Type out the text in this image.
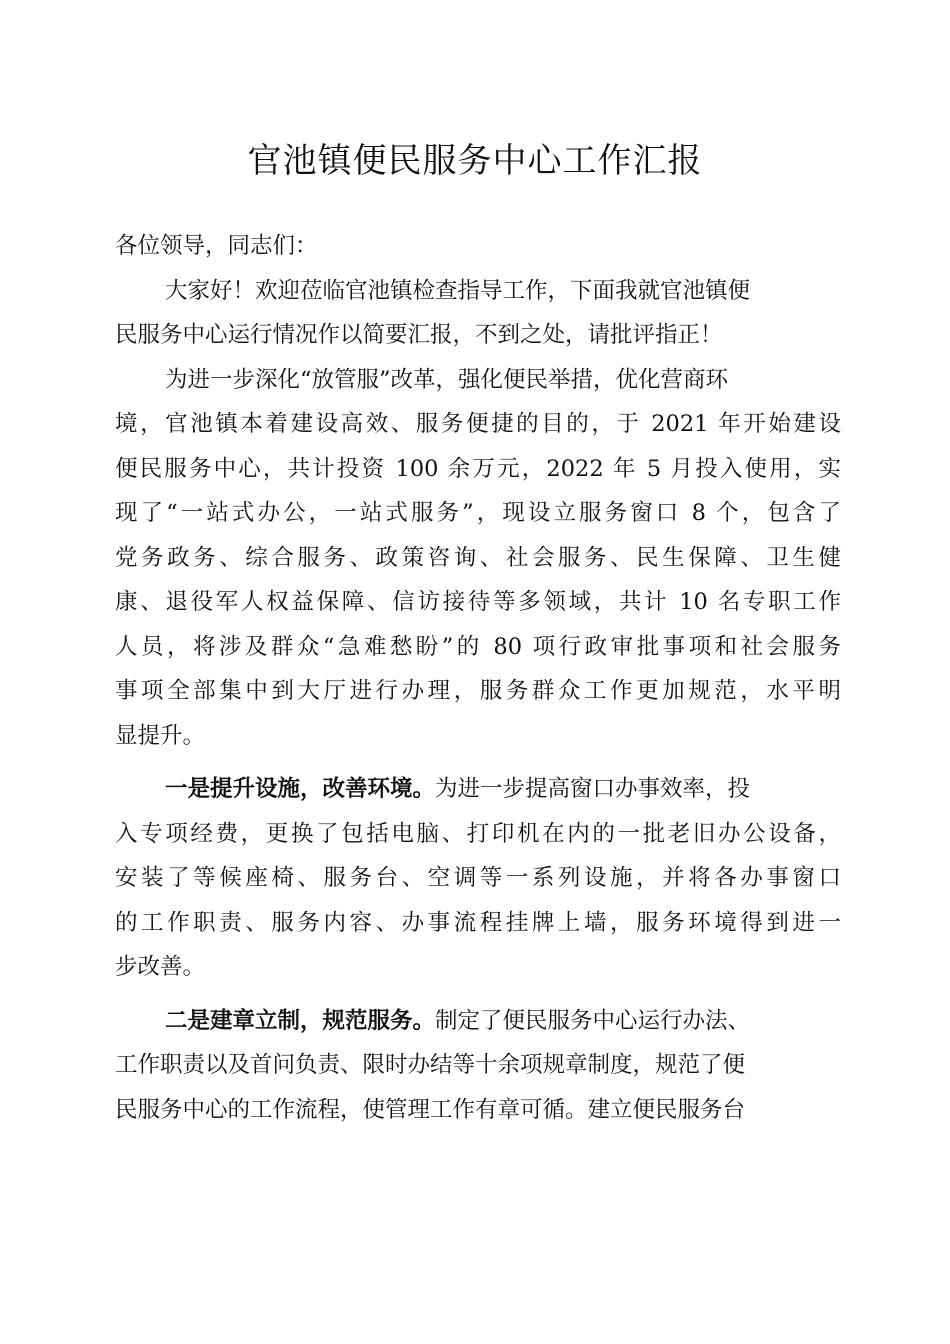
官池镇便民服务中心工作汇报
各位领导，同志们：
大家好！欢迎莅临官池镇检查指导工作，下面我就官池镇便
民服务中心运行情况作以简要汇报，不到之处，请批评指正！
为进一步深化“放管服”改革，强化便民举措，优化营商环
境，官池镇本着建设高效、服务便捷的目的，于 2021 年开始建设
便民服务中心，共计投资 100 余万元，2022 年 5 月投入使用，实
现了“一站式办公，一站式服务”，现设立服务窗口 8 个，包含了
党务政务、综合服务、政策咨询、社会服务、民生保障、卫生健
康、退役军人权益保障、信访接待等多领域，共计 10 名专职工作
人员，将涉及群众“急难愁盼”的 80 项行政审批事项和社会服务
事项全部集中到大厅进行办理，服务群众工作更加规范，水平明
显提升。
一是提升设施，改善环境。为进一步提高窗口办事效率，投
入专项经费，更换了包括电脑、打印机在内的一批老旧办公设备，
安装了等候座椅、服务台、空调等一系列设施，并将各办事窗口
的工作职责、服务内容、办事流程挂牌上墙，服务环境得到进一
步改善。
二是建章立制，规范服务。制定了便民服务中心运行办法、
工作职责以及首问负责、限时办结等十余项规章制度，规范了便
民服务中心的工作流程，使管理工作有章可循。建立便民服务台
